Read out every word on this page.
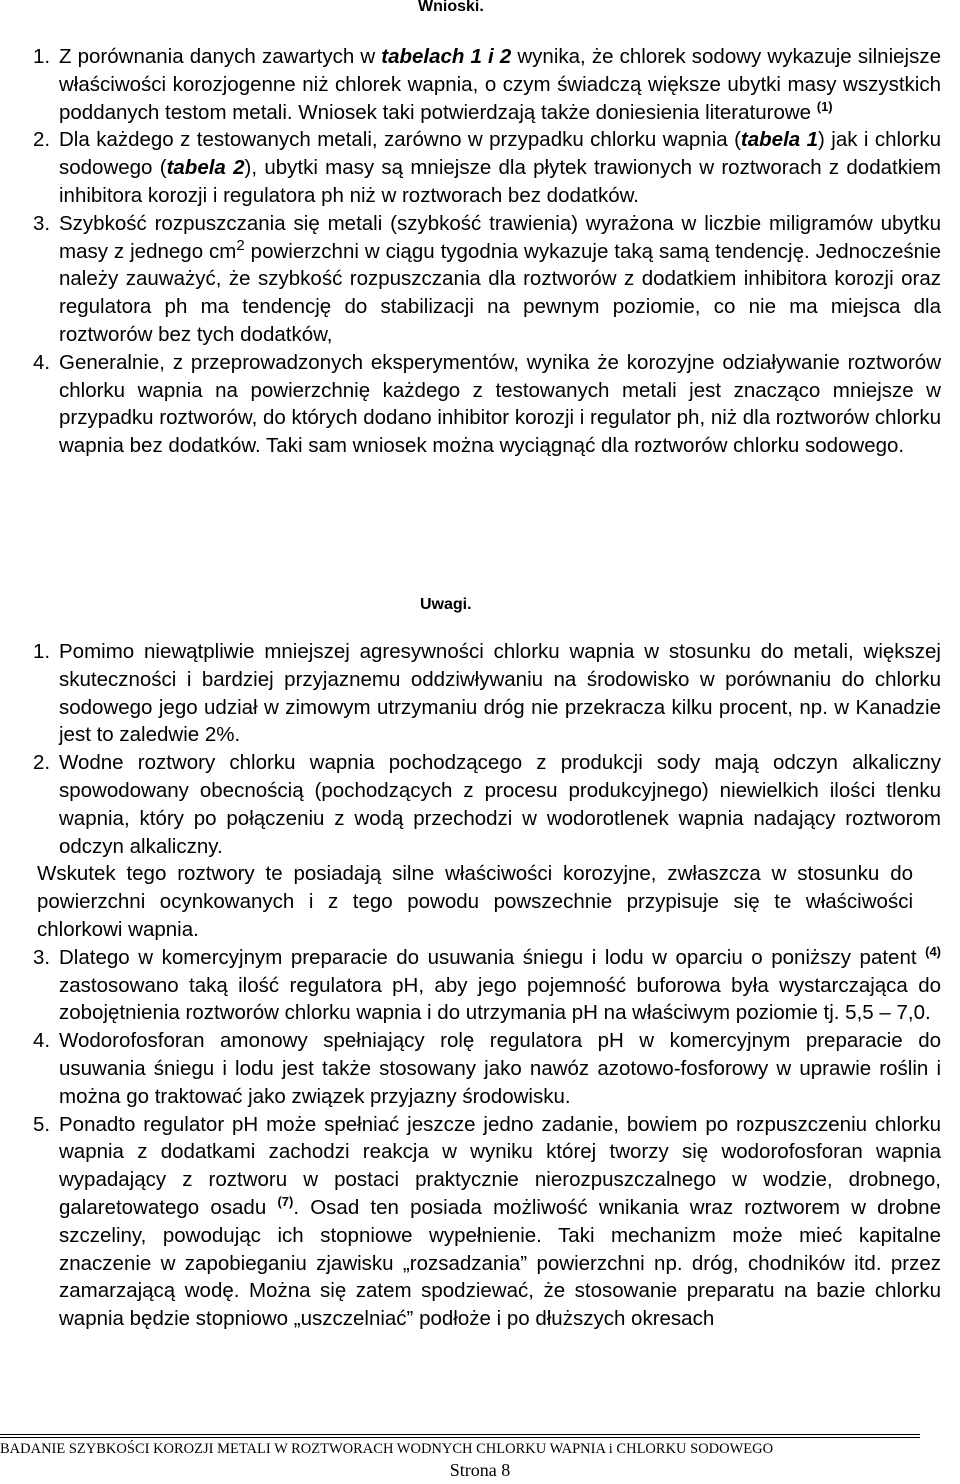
Wnioski.

1. Z porównania danych zawartych w tabelach 1 i 2 wynika, że chlorek sodowy wykazuje silniejsze właściwości korozjogenne niż chlorek wapnia, o czym świadczą większe ubytki masy wszystkich poddanych testom metali. Wniosek taki potwierdzają także doniesienia literaturowe $^{(1)}$

2. Dla każdego z testowanych metali, zarówno w przypadku chlorku wapnia (tabela 1) jak i chlorku sodowego (tabela 2), ubytki masy są mniejsze dla płytek trawionych w roztworach z dodatkiem inhibitora korozji i regulatora ph niż w roztworach bez dodatków.

3. Szybkość rozpuszczania się metali (szybkość trawienia) wyrażona w liczbie miligramów ubytku masy z jednego $cm^2$ powierzchni w ciągu tygodnia wykazuje taką samą tendencję. Jednocześnie należy zauważyć, że szybkość rozpuszczania dla roztworów z dodatkiem inhibitora korozji oraz regulatora ph ma tendencję do stabilizacji na pewnym poziomie, co nie ma miejsca dla roztworów bez tych dodatków,

4. Generalnie, z przeprowadzonych eksperymentów, wynika że korozyjne odziaływanie roztworów chlorku wapnia na powierzchnię każdego z testowanych metali jest znacząco mniejsze w przypadku roztworów, do których dodano inhibitor korozji i regulator ph, niż dla roztworów chlorku wapnia bez dodatków. Taki sam wniosek można wyciągnąć dla roztworów chlorku sodowego.

Uwagi.

1. Pomimo niewątpliwie mniejszej agresywności chlorku wapnia w stosunku do metali, większej skuteczności i bardziej przyjaznemu oddziwływaniu na środowisko w porównaniu do chlorku sodowego jego udział w zimowym utrzymaniu dróg nie przekracza kilku procent, np. w Kanadzie jest to zaledwie 2%.

2. Wodne roztwory chlorku wapnia pochodzącego z produkcji sody mają odczyn alkaliczny spowodowany obecnością (pochodzących z procesu produkcyjnego) niewielkich ilości tlenku wapnia, który po połączeniu z wodą przechodzi w wodorotlenek wapnia nadający roztworom odczyn alkaliczny.

Wskutek tego roztwory te posiadają silne właściwości korozyjne, zwłaszcza w stosunku do powierzchni ocynkowanych i z tego powodu powszechnie przypisuje się te właściwości chlorkowi wapnia.

3. Dlatego w komercyjnym preparacie do usuwania śniegu i lodu w oparciu o poniższy patent $^{(4)}$ zastosowano taką ilość regulatora pH, aby jego pojemność buforowa była wystarczająca do zobojętnienia roztworów chlorku wapnia i do utrzymania pH na właściwym poziomie tj. 5,5 – 7,0.

4. Wodorofosforan amonowy spełniający rolę regulatora pH w komercyjnym preparacie do usuwania śniegu i lodu jest także stosowany jako nawóz azotowo-fosforowy w uprawie roślin i można go traktować jako związek przyjazny środowisku.

5. Ponadto regulator pH może spełniać jeszcze jedno zadanie, bowiem po rozpuszczeniu chlorku wapnia z dodatkami zachodzi reakcja w wyniku której tworzy się wodorofosforan wapnia wypadający z roztworu w postaci praktycznie nierozpuszczalnego w wodzie, drobnego, galaretowatego osadu $^{(7)}$. Osad ten posiada możliwość wnikania wraz roztworem w drobne szczeliny, powodując ich stopniowe wypełnienie. Taki mechanizm może mieć kapitalne znaczenie w zapobieganiu zjawisku „rozsadzania” powierzchni np. dróg, chodników itd. przez zamarzającą wodę. Można się zatem spodziewać, że stosowanie preparatu na bazie chlorku wapnia będzie stopniowo „uszczelniać” podłoże i po dłuższych okresach

BADANIE SZYBKOŚCI KOROZJI METALI W ROZTWORACH WODNYCH CHLORKU WAPNIA i CHLORKU SODOWEGO
Strona 8
